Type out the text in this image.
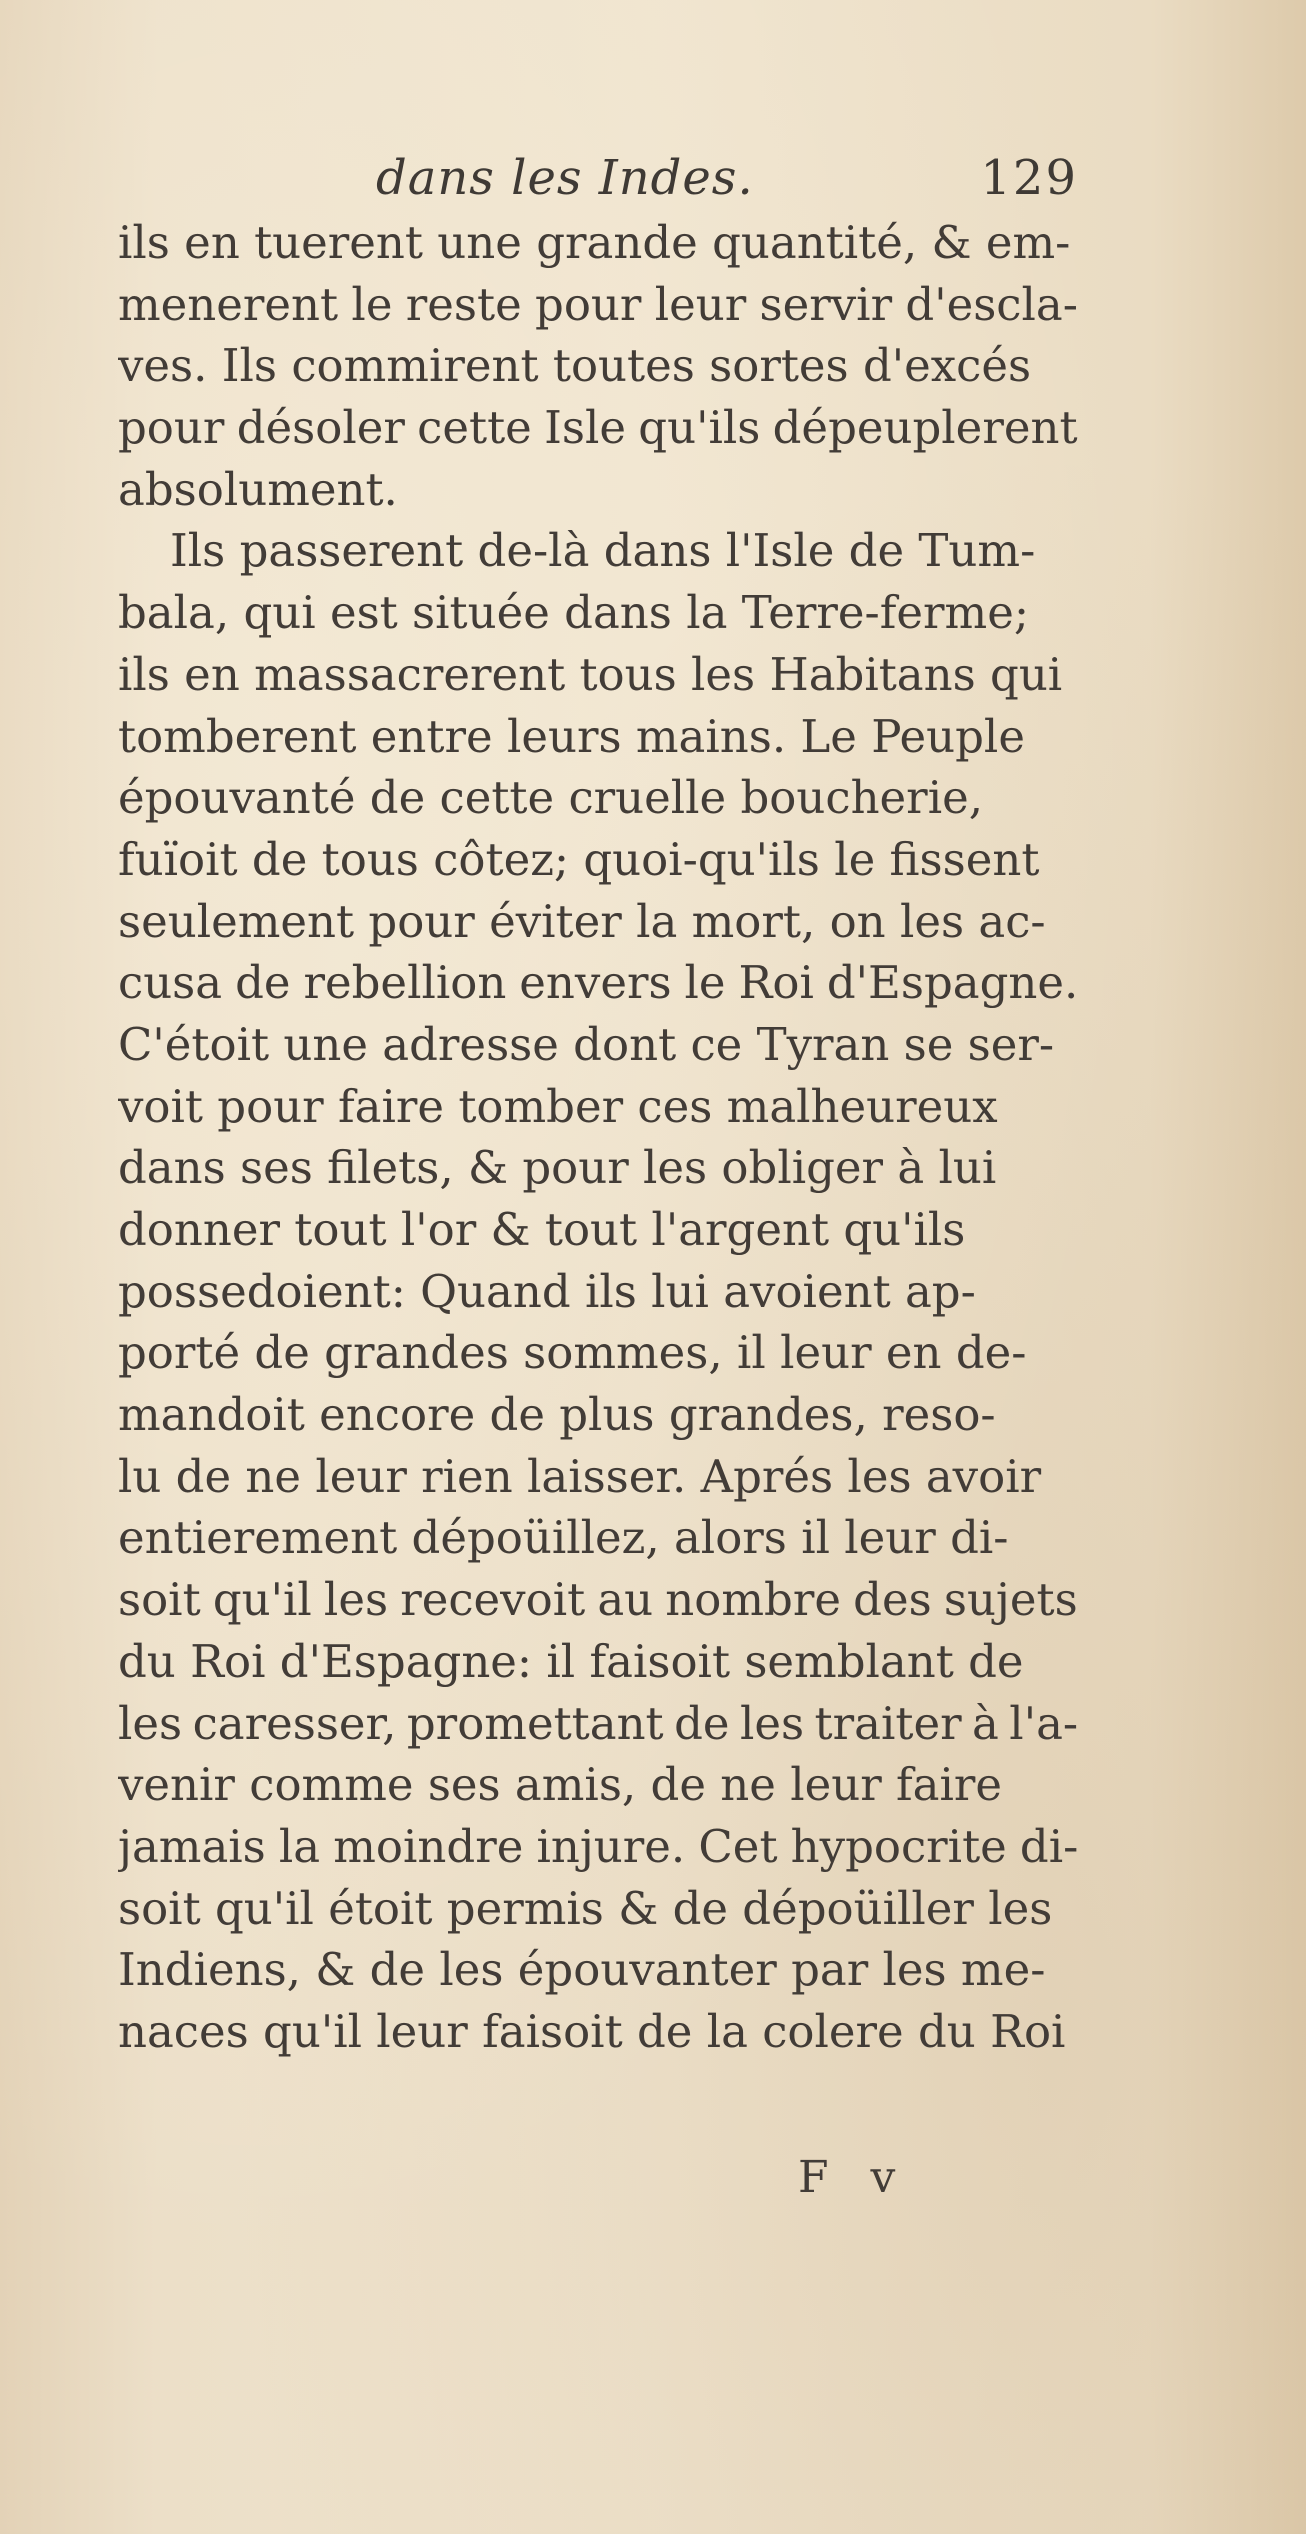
dans les Indes.	129
ils en tuerent une grande quantité, & em-
menerent le reste pour leur servir d'escla-
ves. Ils commirent toutes sortes d'excés
pour désoler cette Isle qu'ils dépeuplerent
absolument.
Ils passerent de-là dans l'Isle de Tum-
bala, qui est située dans la Terre-ferme;
ils en massacrerent tous les Habitans qui
tomberent entre leurs mains. Le Peuple
épouvanté de cette cruelle boucherie,
fuïoit de tous côtez; quoi-qu'ils le fissent
seulement pour éviter la mort, on les ac-
cusa de rebellion envers le Roi d'Espagne.
C'étoit une adresse dont ce Tyran se ser-
voit pour faire tomber ces malheureux
dans ses filets, & pour les obliger à lui
donner tout l'or & tout l'argent qu'ils
possedoient: Quand ils lui avoient ap-
porté de grandes sommes, il leur en de-
mandoit encore de plus grandes, reso-
lu de ne leur rien laisser. Aprés les avoir
entierement dépoüillez, alors il leur di-
soit qu'il les recevoit au nombre des sujets
du Roi d'Espagne: il faisoit semblant de
les caresser, promettant de les traiter à l'a-
venir comme ses amis, de ne leur faire
jamais la moindre injure. Cet hypocrite di-
soit qu'il étoit permis & de dépoüiller les
Indiens, & de les épouvanter par les me-
naces qu'il leur faisoit de la colere du Roi
F v
